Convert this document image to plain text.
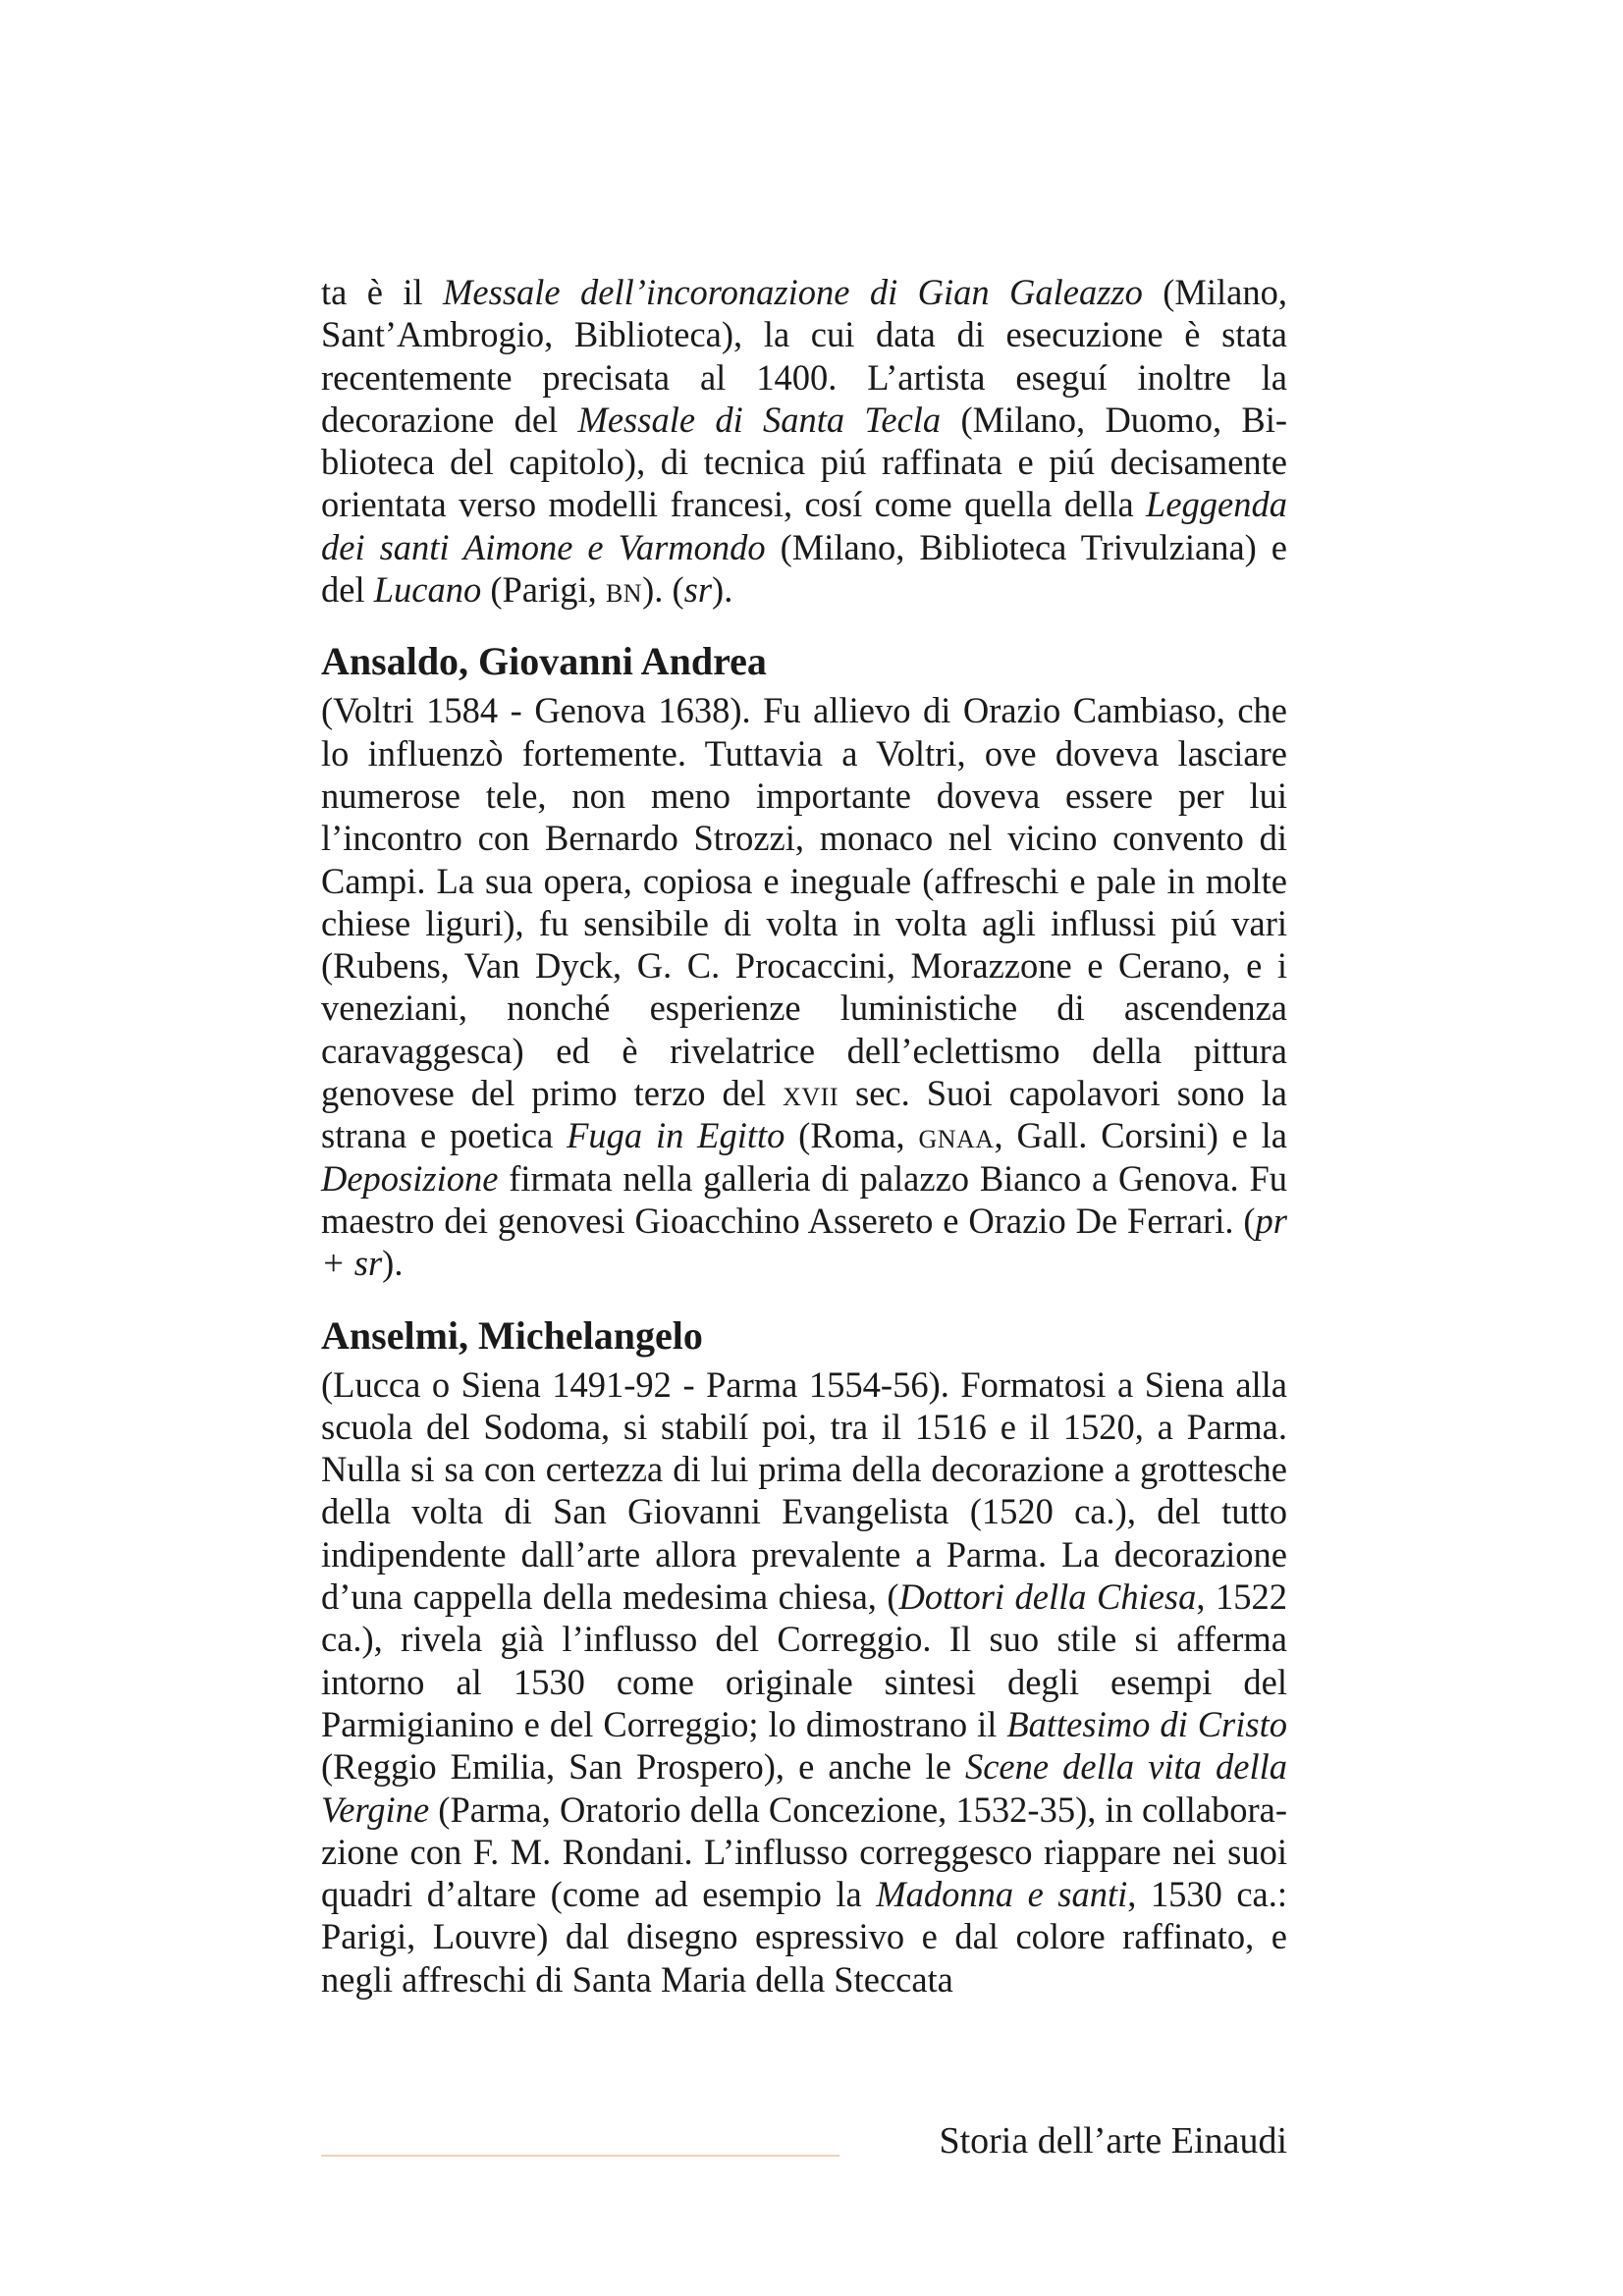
ta è il Messale dell’incoronazione di Gian Galeazzo (Milano, Sant’Ambrogio, Biblioteca), la cui data di esecuzione è stata recentemente precisata al 1400. L’artista eseguí inoltre la decorazione del Messale di Santa Tecla (Milano, Duomo, Biblioteca del capitolo), di tecnica piú raffinata e piú decisamente orientata verso modelli francesi, cosí come quella della Leggenda dei santi Aimone e Varmondo (Milano, Biblioteca Trivulziana) e del Lucano (Parigi, bn). (sr).

Ansaldo, Giovanni Andrea

(Voltri 1584 - Genova 1638). Fu allievo di Orazio Cambiaso, che lo influenzò fortemente. Tuttavia a Voltri, ove doveva lasciare numerose tele, non meno importante doveva essere per lui l’incontro con Bernardo Strozzi, monaco nel vicino convento di Campi. La sua opera, copiosa e ineguale (affreschi e pale in molte chiese liguri), fu sensibile di volta in volta agli influssi piú vari (Rubens, Van Dyck, G. C. Procaccini, Morazzone e Cerano, e i veneziani, nonché esperienze luministiche di ascendenza caravaggesca) ed è rivelatrice dell’eclettismo della pittura genovese del primo terzo del xvii sec. Suoi capolavori sono la strana e poetica Fuga in Egitto (Roma, gnaa, Gall. Corsini) e la Deposizione firmata nella galleria di palazzo Bianco a Genova. Fu maestro dei genovesi Gioacchino Assereto e Orazio De Ferrari. (pr + sr).

Anselmi, Michelangelo

(Lucca o Siena 1491-92 - Parma 1554-56). Formatosi a Siena alla scuola del Sodoma, si stabilí poi, tra il 1516 e il 1520, a Parma. Nulla si sa con certezza di lui prima della decorazione a grottesche della volta di San Giovanni Evangelista (1520 ca.), del tutto indipendente dall’arte allora prevalente a Parma. La decorazione d’una cappella della medesima chiesa, (Dottori della Chiesa, 1522 ca.), rivela già l’influsso del Correggio. Il suo stile si afferma intorno al 1530 come originale sintesi degli esempi del Parmigianino e del Correggio; lo dimostrano il Battesimo di Cristo (Reggio Emilia, San Prospero), e anche le Scene della vita della Vergine (Parma, Oratorio della Concezione, 1532-35), in collaborazione con F. M. Rondani. L’influsso correggesco riappare nei suoi quadri d’altare (come ad esempio la Madonna e santi, 1530 ca.: Parigi, Louvre) dal disegno espressivo e dal colore raffinato, e negli affreschi di Santa Maria della Steccata

Storia dell’arte Einaudi
